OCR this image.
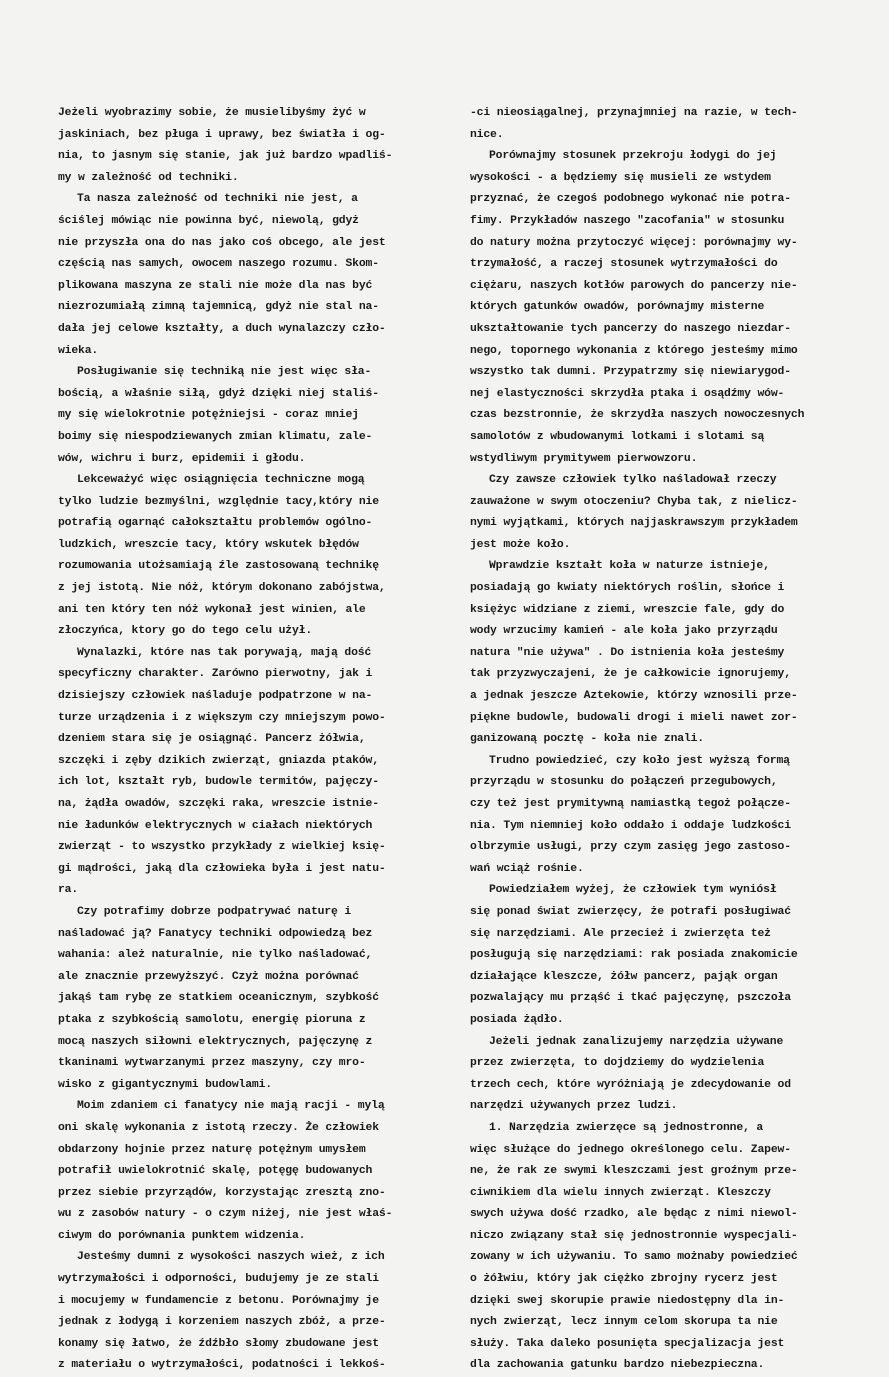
Jeżeli wyobrazimy sobie, że musielibyśmy żyć w
jaskiniach, bez pługa i uprawy, bez światła i og-
nia, to jasnym się stanie, jak już bardzo wpadliś-
my w zależność od techniki.
Ta nasza zależność od techniki nie jest, a
ściślej mówiąc nie powinna być, niewolą, gdyż
nie przyszła ona do nas jako coś obcego, ale jest
częścią nas samych, owocem naszego rozumu. Skom-
plikowana maszyna ze stali nie może dla nas być
niezrozumiałą zimną tajemnicą, gdyż nie stal na-
dała jej celowe kształty, a duch wynalazczy czło-
wieka.
Posługiwanie się techniką nie jest więc sła-
bością, a właśnie siłą, gdyż dzięki niej staliś-
my się wielokrotnie potężniejsi - coraz mniej
boimy się niespodziewanych zmian klimatu, zale-
wów, wichru i burz, epidemii i głodu.
Lekceważyć więc osiągnięcia techniczne mogą
tylko ludzie bezmyślni, względnie tacy,który nie
potrafią ogarnąć całokształtu problemów ogólno-
ludzkich, wreszcie tacy, który wskutek błędów
rozumowania utożsamiają źle zastosowaną technikę
z jej istotą. Nie nóż, którym dokonano zabójstwa,
ani ten który ten nóż wykonał jest winien, ale
złoczyńca, ktory go do tego celu użył.
Wynalazki, które nas tak porywają, mają dość
specyficzny charakter. Zarówno pierwotny, jak i
dzisiejszy człowiek naśladuje podpatrzone w na-
turze urządzenia i z większym czy mniejszym powo-
dzeniem stara się je osiągnąć. Pancerz żółwia,
szczęki i zęby dzikich zwierząt, gniazda ptaków,
ich lot, kształt ryb, budowle termitów, pajęczy-
na, żądła owadów, szczęki raka, wreszcie istnie-
nie ładunków elektrycznych w ciałach niektórych
zwierząt - to wszystko przykłady z wielkiej księ-
gi mądrości, jaką dla człowieka była i jest natu-
ra.
Czy potrafimy dobrze podpatrywać naturę i
naśladować ją? Fanatycy techniki odpowiedzą bez
wahania: ależ naturalnie, nie tylko naśladować,
ale znacznie przewyższyć. Czyż można porównać
jakąś tam rybę ze statkiem oceanicznym, szybkość
ptaka z szybkością samolotu, energię pioruna z
mocą naszych siłowni elektrycznych, pajęczynę z
tkaninami wytwarzanymi przez maszyny, czy mro-
wisko z gigantycznymi budowlami.
Moim zdaniem ci fanatycy nie mają racji - mylą
oni skalę wykonania z istotą rzeczy. Że człowiek
obdarzony hojnie przez naturę potężnym umysłem
potrafił uwielokrotnić skalę, potęgę budowanych
przez siebie przyrządów, korzystając zresztą zno-
wu z zasobów natury - o czym niżej, nie jest właś-
ciwym do porównania punktem widzenia.
Jesteśmy dumni z wysokości naszych wież, z ich
wytrzymałości i odporności, budujemy je ze stali
i mocujemy w fundamencie z betonu. Porównajmy je
jednak z łodygą i korzeniem naszych zbóż, a prze-
konamy się łatwo, że źdźbło słomy zbudowane jest
z materiału o wytrzymałości, podatności i lekkoś-
-ci nieosiągalnej, przynajmniej na razie, w tech-
nice.
Porównajmy stosunek przekroju łodygi do jej
wysokości - a będziemy się musieli ze wstydem
przyznać, że czegoś podobnego wykonać nie potra-
fimy. Przykładów naszego "zacofania" w stosunku
do natury można przytoczyć więcej: porównajmy wy-
trzymałość, a raczej stosunek wytrzymałości do
ciężaru, naszych kotłów parowych do pancerzy nie-
których gatunków owadów, porównajmy misterne
ukształtowanie tych pancerzy do naszego niezdar-
nego, topornego wykonania z którego jesteśmy mimo
wszystko tak dumni. Przypatrzmy się niewiarygod-
nej elastyczności skrzydła ptaka i osądźmy wów-
czas bezstronnie, że skrzydła naszych nowoczesnych
samolotów z wbudowanymi lotkami i slotami są
wstydliwym prymitywem pierwowzoru.
Czy zawsze człowiek tylko naśladował rzeczy
zauważone w swym otoczeniu? Chyba tak, z nielicz-
nymi wyjątkami, których najjaskrawszym przykładem
jest może koło.
Wprawdzie kształt koła w naturze istnieje,
posiadają go kwiaty niektórych roślin, słońce i
księżyc widziane z ziemi, wreszcie fale, gdy do
wody wrzucimy kamień - ale koła jako przyrządu
natura "nie używa" . Do istnienia koła jesteśmy
tak przyzwyczajeni, że je całkowicie ignorujemy,
a jednak jeszcze Aztekowie, którzy wznosili prze-
piękne budowle, budowali drogi i mieli nawet zor-
ganizowaną pocztę - koła nie znali.
Trudno powiedzieć, czy koło jest wyższą formą
przyrządu w stosunku do połączeń przegubowych,
czy też jest prymitywną namiastką tegoż połącze-
nia. Tym niemniej koło oddało i oddaje ludzkości
olbrzymie usługi, przy czym zasięg jego zastoso-
wań wciąż rośnie.
Powiedziałem wyżej, że człowiek tym wyniósł
się ponad świat zwierzęcy, że potrafi posługiwać
się narzędziami. Ale przecież i zwierzęta też
posługują się narzędziami: rak posiada znakomicie
działające kleszcze, żółw pancerz, pająk organ
pozwalający mu prząść i tkać pajęczynę, pszczoła
posiada żądło.
Jeżeli jednak zanalizujemy narzędzia używane
przez zwierzęta, to dojdziemy do wydzielenia
trzech cech, które wyróżniają je zdecydowanie od
narzędzi używanych przez ludzi.
1. Narzędzia zwierzęce są jednostronne, a
więc służące do jednego określonego celu. Zapew-
ne, że rak ze swymi kleszczami jest groźnym prze-
ciwnikiem dla wielu innych zwierząt. Kleszczy
swych używa dość rzadko, ale będąc z nimi niewol-
niczo związany stał się jednostronnie wyspecjali-
zowany w ich używaniu. To samo możnaby powiedzieć
o żółwiu, który jak ciężko zbrojny rycerz jest
dzięki swej skorupie prawie niedostępny dla in-
nych zwierząt, lecz innym celom skorupa ta nie
służy. Taka daleko posunięta specjalizacja jest
dla zachowania gatunku bardzo niebezpieczna.
